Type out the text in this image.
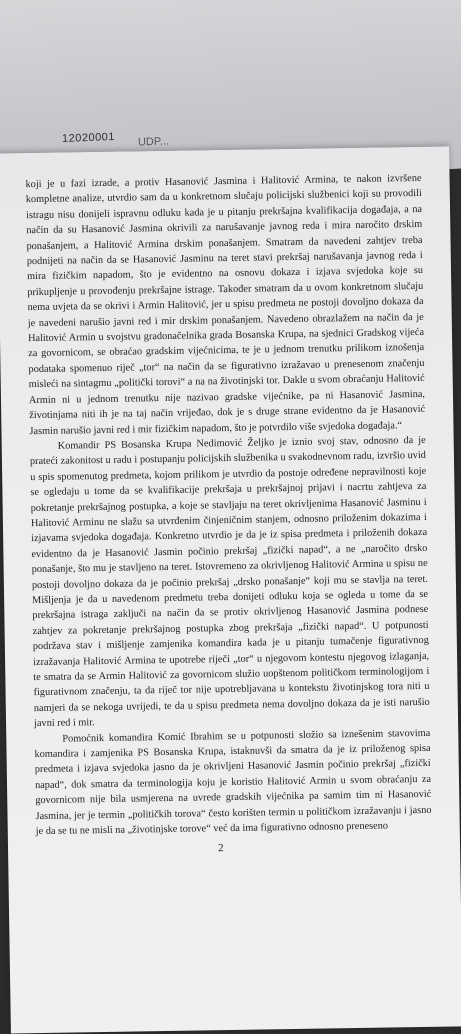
12020001 UDP...

koji je u fazi izrade, a protiv Hasanović Jasmina i Halitović Armina, te nakon izvršene kompletne analize, utvrdio sam da u konkretnom slučaju policijski službenici koji su provodili istragu nisu donijeli ispravnu odluku kada je u pitanju prekršajna kvalifikacija događaja, a na način da su Hasanović Jasmina okrivili za narušavanje javnog reda i mira naročito drskim ponašanjem, a Halitović Armina drskim ponašanjem. Smatram da navedeni zahtjev treba podnijeti na način da se Hasanović Jasminu na teret stavi prekršaj narušavanja javnog reda i mira fizičkim napadom, što je evidentno na osnovu dokaza i izjava svjedoka koje su prikupljenje u provođenju prekršajne istrage. Također smatram da u ovom konkretnom slučaju nema uvjeta da se okrivi i Armin Halitović, jer u spisu predmeta ne postoji dovoljno dokaza da je navedeni narušio javni red i mir drskim ponašanjem. Navedeno obrazlažem na način da je Halitović Armin u svojstvu gradonačelnika grada Bosanska Krupa, na sjednici Gradskog vijeća za govornicom, se obraćao gradskim vijećnicima, te je u jednom trenutku prilikom iznošenja podataka spomenuo riječ „tor“ na način da se figurativno izražavao u prenesenom značenju misleći na sintagmu „politički torovi“ a na na životinjski tor. Dakle u svom obraćanju Halitović Armin ni u jednom trenutku nije nazivao gradske vijećnike, pa ni Hasanović Jasmina, životinjama niti ih je na taj način vrijeđao, dok je s druge strane evidentno da je Hasanović Jasmin narušio javni red i mir fizičkim napadom, što je potvrdilo više svjedoka događaja.“

Komandir PS Bosanska Krupa Nedimović Željko je iznio svoj stav, odnosno da je prateći zakonitost u radu i postupanju policijskih službenika u svakodnevnom radu, izvršio uvid u spis spomenutog predmeta, kojom prilikom je utvrdio da postoje određene nepravilnosti koje se ogledaju u tome da se kvalifikacije prekršaja u prekršajnoj prijavi i nacrtu zahtjeva za pokretanje prekršajnog postupka, a koje se stavljaju na teret okrivljenima Hasanović Jasminu i Halitović Arminu ne slažu sa utvrđenim činjeničnim stanjem, odnosno priloženim dokazima i izjavama svjedoka događaja. Konkretno utvrdio je da je iz spisa predmeta i priloženih dokaza evidentno da je Hasanović Jasmin počinio prekršaj „fizički napad“, a ne „naročito drsko ponašanje, što mu je stavljeno na teret. Istovremeno za okrivljenog Halitović Armina u spisu ne postoji dovoljno dokaza da je počinio prekršaj „drsko ponašanje“ koji mu se stavlja na teret. Mišljenja je da u navedenom predmetu treba donijeti odluku koja se ogleda u tome da se prekršajna istraga zaključi na način da se protiv okrivljenog Hasanović Jasmina podnese zahtjev za pokretanje prekršajnog postupka zbog prekršaja „fizički napad“. U potpunosti podržava stav i mišljenje zamjenika komandira kada je u pitanju tumačenje figurativnog izražavanja Halitović Armina te upotrebe riječi „tor“ u njegovom kontestu njegovog izlaganja, te smatra da se Armin Halitović za govornicom služio uopštenom političkom terminologijom i figurativnom značenju, ta da riječ tor nije upotrebljavana u kontekstu životinjskog tora niti u namjeri da se nekoga uvrijedi, te da u spisu predmeta nema dovoljno dokaza da je isti narušio javni red i mir.

Pomoćnik komandira Komić Ibrahim se u potpunosti složio sa iznešenim stavovima komandira i zamjenika PS Bosanska Krupa, istaknuvši da smatra da je iz priloženog spisa predmeta i izjava svjedoka jasno da je okrivljeni Hasanović Jasmin počinio prekršaj „fizički napad“, dok smatra da terminologija koju je koristio Halitović Armin u svom obraćanju za govornicom nije bila usmjerena na uvrede gradskih vijećnika pa samim tim ni Hasanović Jasmina, jer je termin „političkih torova“ često korišten termin u političkom izražavanju i jasno je da se tu ne misli na „životinjske torove“ već da ima figurativno odnosno preneseno

2
